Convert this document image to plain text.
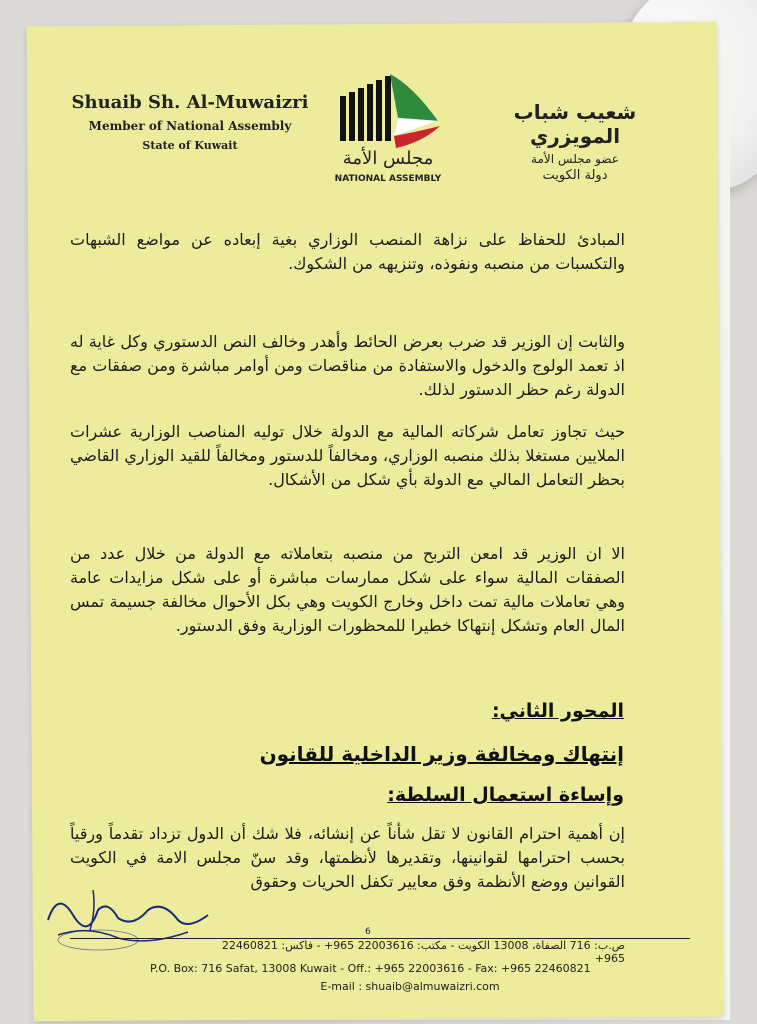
Shuaib Sh. Al-Muwaizri
Member of National Assembly
State of Kuwait
مجلس الأمة
NATIONAL ASSEMBLY
شعيب شباب المويزري
عضو مجلس الأمة
دولة الكويت
المبادئ للحفاظ على نزاهة المنصب الوزاري بغية إبعاده عن مواضع الشبهات والتكسبات من منصبه ونفوذه، وتنزيهه من الشكوك.
والثابت إن الوزير قد ضرب بعرض الحائط وأهدر وخالف النص الدستوري وكل غاية له اذ تعمد الولوج والدخول والاستفادة من مناقصات ومن أوامر مباشرة ومن صفقات مع الدولة رغم حظر الدستور لذلك.
حيث تجاوز تعامل شركاته المالية مع الدولة خلال توليه المناصب الوزارية عشرات الملايين مستغلا بذلك منصبه الوزاري، ومخالفاً للدستور ومخالفاً للقيد الوزاري القاضي بحظر التعامل المالي مع الدولة بأي شكل من الأشكال.
الا ان الوزير قد امعن التربح من منصبه بتعاملاته مع الدولة من خلال عدد من الصفقات المالية سواء على شكل ممارسات مباشرة أو على شكل مزايدات عامة وهي تعاملات مالية تمت داخل وخارج الكويت وهي بكل الأحوال مخالفة جسيمة تمس المال العام وتشكل إنتهاكا خطيرا للمحظورات الوزارية وفق الدستور.
المحور الثاني:
إنتهاك ومخالفة وزير الداخلية للقانون
وإساءة استعمال السلطة:
إن أهمية احترام القانون لا تقل شأناً عن إنشائه، فلا شك أن الدول تزداد تقدماً ورقياً بحسب احترامها لقوانينها، وتقديرها لأنظمتها، وقد سنّ مجلس الامة في الكويت القوانين ووضع الأنظمة وفق معايير تكفل الحريات وحقوق
6
ص.ب: 716 الصفاة، 13008 الكويت - مكتب: 22003616 965+ - فاكس: 22460821 965+
P.O. Box: 716 Safat, 13008 Kuwait - Off.: +965 22003616 - Fax: +965 22460821
E-mail : shuaib@almuwaizri.com
